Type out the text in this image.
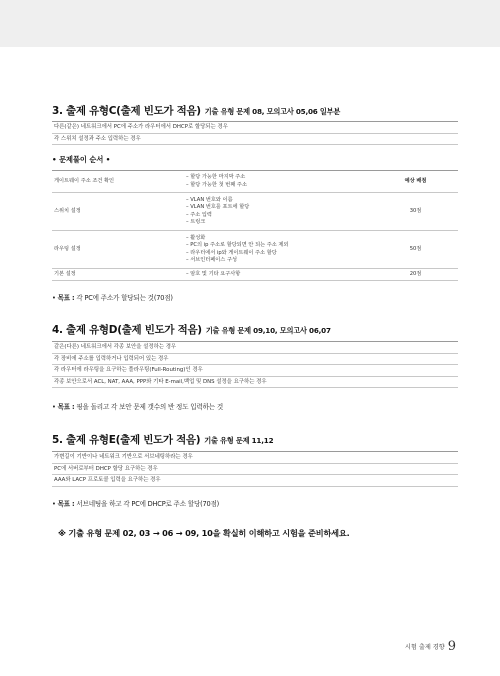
3. 출제 유형C(출제 빈도가 적음) 기출 유형 문제 08, 모의고사 05,06 일부분
다른(같은) 네트워크에서 PC에 주소가 라우터에서 DHCP로 할당되는 경우
각 스위치 설정과 주소 입력하는 경우
• 문제풀이 순서 •
게이트웨이 주소 조건 확인	– 할당 가능한 마지막 주소
– 할당 가능한 첫 번째 주소	예상 배점
스위치 설정	– VLAN 번호와 이름
– VLAN 번호를 포트에 할당
– 주소 입력
– 트렁크	30점
라우팅 설정	– 활성화
– PC의 ip 주소로 할당되면 안 되는 주소 제외
– 라우터에서 ip와 게이트웨이 주소 할당
– 서브인터페이스 구성	50점
기본 설정	– 암호 및 기타 요구사항	20점
• 목표 : 각 PC에 주소가 할당되는 것(70점)
4. 출제 유형D(출제 빈도가 적음) 기출 유형 문제 09,10, 모의고사 06,07
같은(다른) 네트워크에서 각종 보안을 설정하는 경우
각 장비에 주소를 입력하거나 입력되어 있는 경우
각 라우터에 라우팅을 요구하는 풀라우팅(Full-Routing)인 경우
각종 보안으로서 ACL, NAT, AAA, PPP와 기타 E-mail,백업 및 DNS 설정을 요구하는 경우
• 목표 : 핑을 돌리고 각 보안 문제 갯수의 반 정도 입력하는 것
5. 출제 유형E(출제 빈도가 적음) 기출 유형 문제 11,12
가변길이 기반이나 네트워크 기반으로 서브네팅하라는 경우
PC에 서버로부터 DHCP 할당 요구하는 경우
AAA와 LACP 프로토콜 입력을 요구하는 경우
• 목표 : 서브네팅을 하고 각 PC에 DHCP로 주소 할당(70점)
※ 기출 유형 문제 02, 03 → 06 → 09, 10을 확실히 이해하고 시험을 준비하세요.
시험 출제 경향 9
